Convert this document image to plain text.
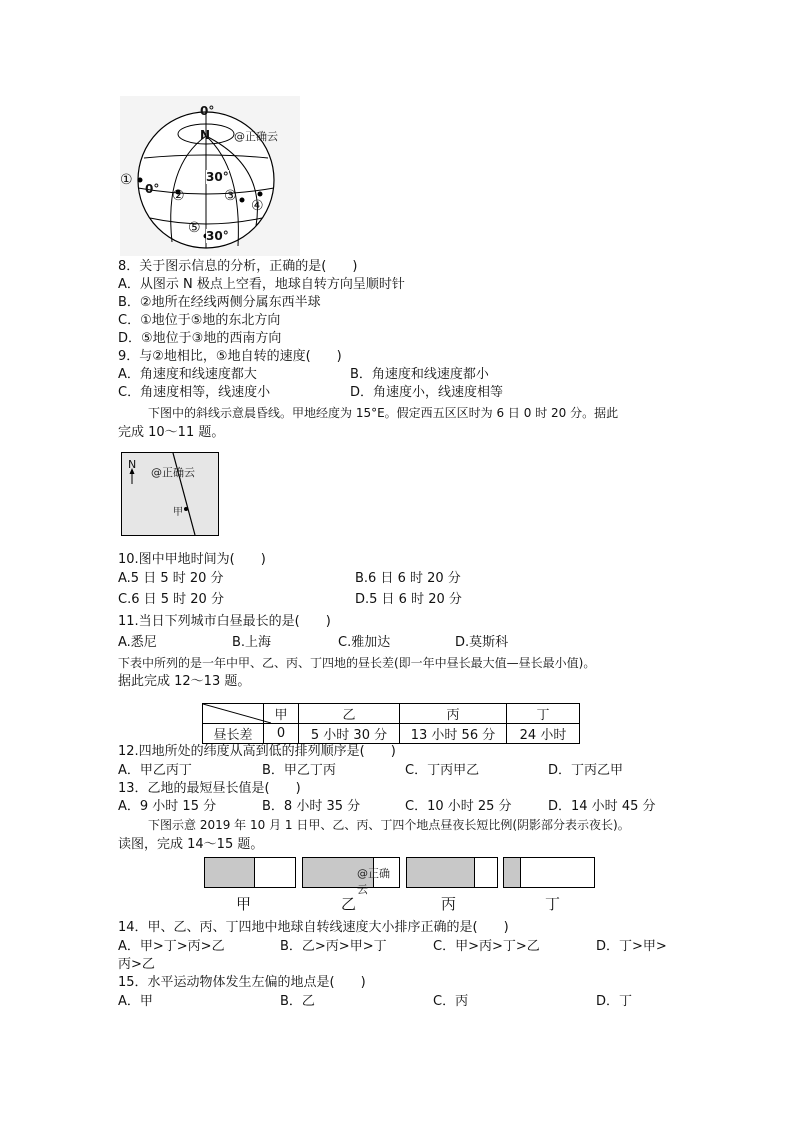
0°
N
0°
30°
30°
①
②	③
④
⑤
@正确云
8．关于图示信息的分析，正确的是(　　)
A．从图示 N 极点上空看，地球自转方向呈顺时针
B．②地所在经线两侧分属东西半球
C．①地位于⑤地的东北方向
D．⑤地位于③地的西南方向
9．与②地相比，⑤地自转的速度(　　)
A．角速度和线速度都大	B．角速度和线速度都小
C．角速度相等，线速度小	D．角速度小，线速度相等
下图中的斜线示意晨昏线。甲地经度为 15°E。假定西五区区时为 6 日 0 时 20 分。据此
完成 10～11 题。
N
@正确云
甲
10.图中甲地时间为(　　)
A.5 日 5 时 20 分	B.6 日 6 时 20 分
C.6 日 5 时 20 分	D.5 日 6 时 20 分
11.当日下列城市白昼最长的是(　　)
A.悉尼	B.上海	C.雅加达	D.莫斯科
下表中所列的是一年中甲、乙、丙、丁四地的昼长差(即一年中昼长最大值—昼长最小值)。
据此完成 12～13 题。
	甲	乙	丙	丁
昼长差	0	5 小时 30 分	13 小时 56 分	24 小时
12.四地所处的纬度从高到低的排列顺序是(　　)
A．甲乙丙丁	B．甲乙丁丙	C．丁丙甲乙	D．丁丙乙甲
13．乙地的最短昼长值是(　　)
A．9 小时 15 分	B．8 小时 35 分	C．10 小时 25 分	D．14 小时 45 分
下图示意 2019 年 10 月 1 日甲、乙、丙、丁四个地点昼夜长短比例(阴影部分表示夜长)。
读图，完成 14～15 题。
@正确云
甲	乙	丙	丁
14．甲、乙、丙、丁四地中地球自转线速度大小排序正确的是(　　)
A．甲>丁>丙>乙	B．乙>丙>甲>丁	C．甲>丙>丁>乙	D．丁>甲>
丙>乙
15．水平运动物体发生左偏的地点是(　　)
A．甲	B．乙	C．丙	D．丁
